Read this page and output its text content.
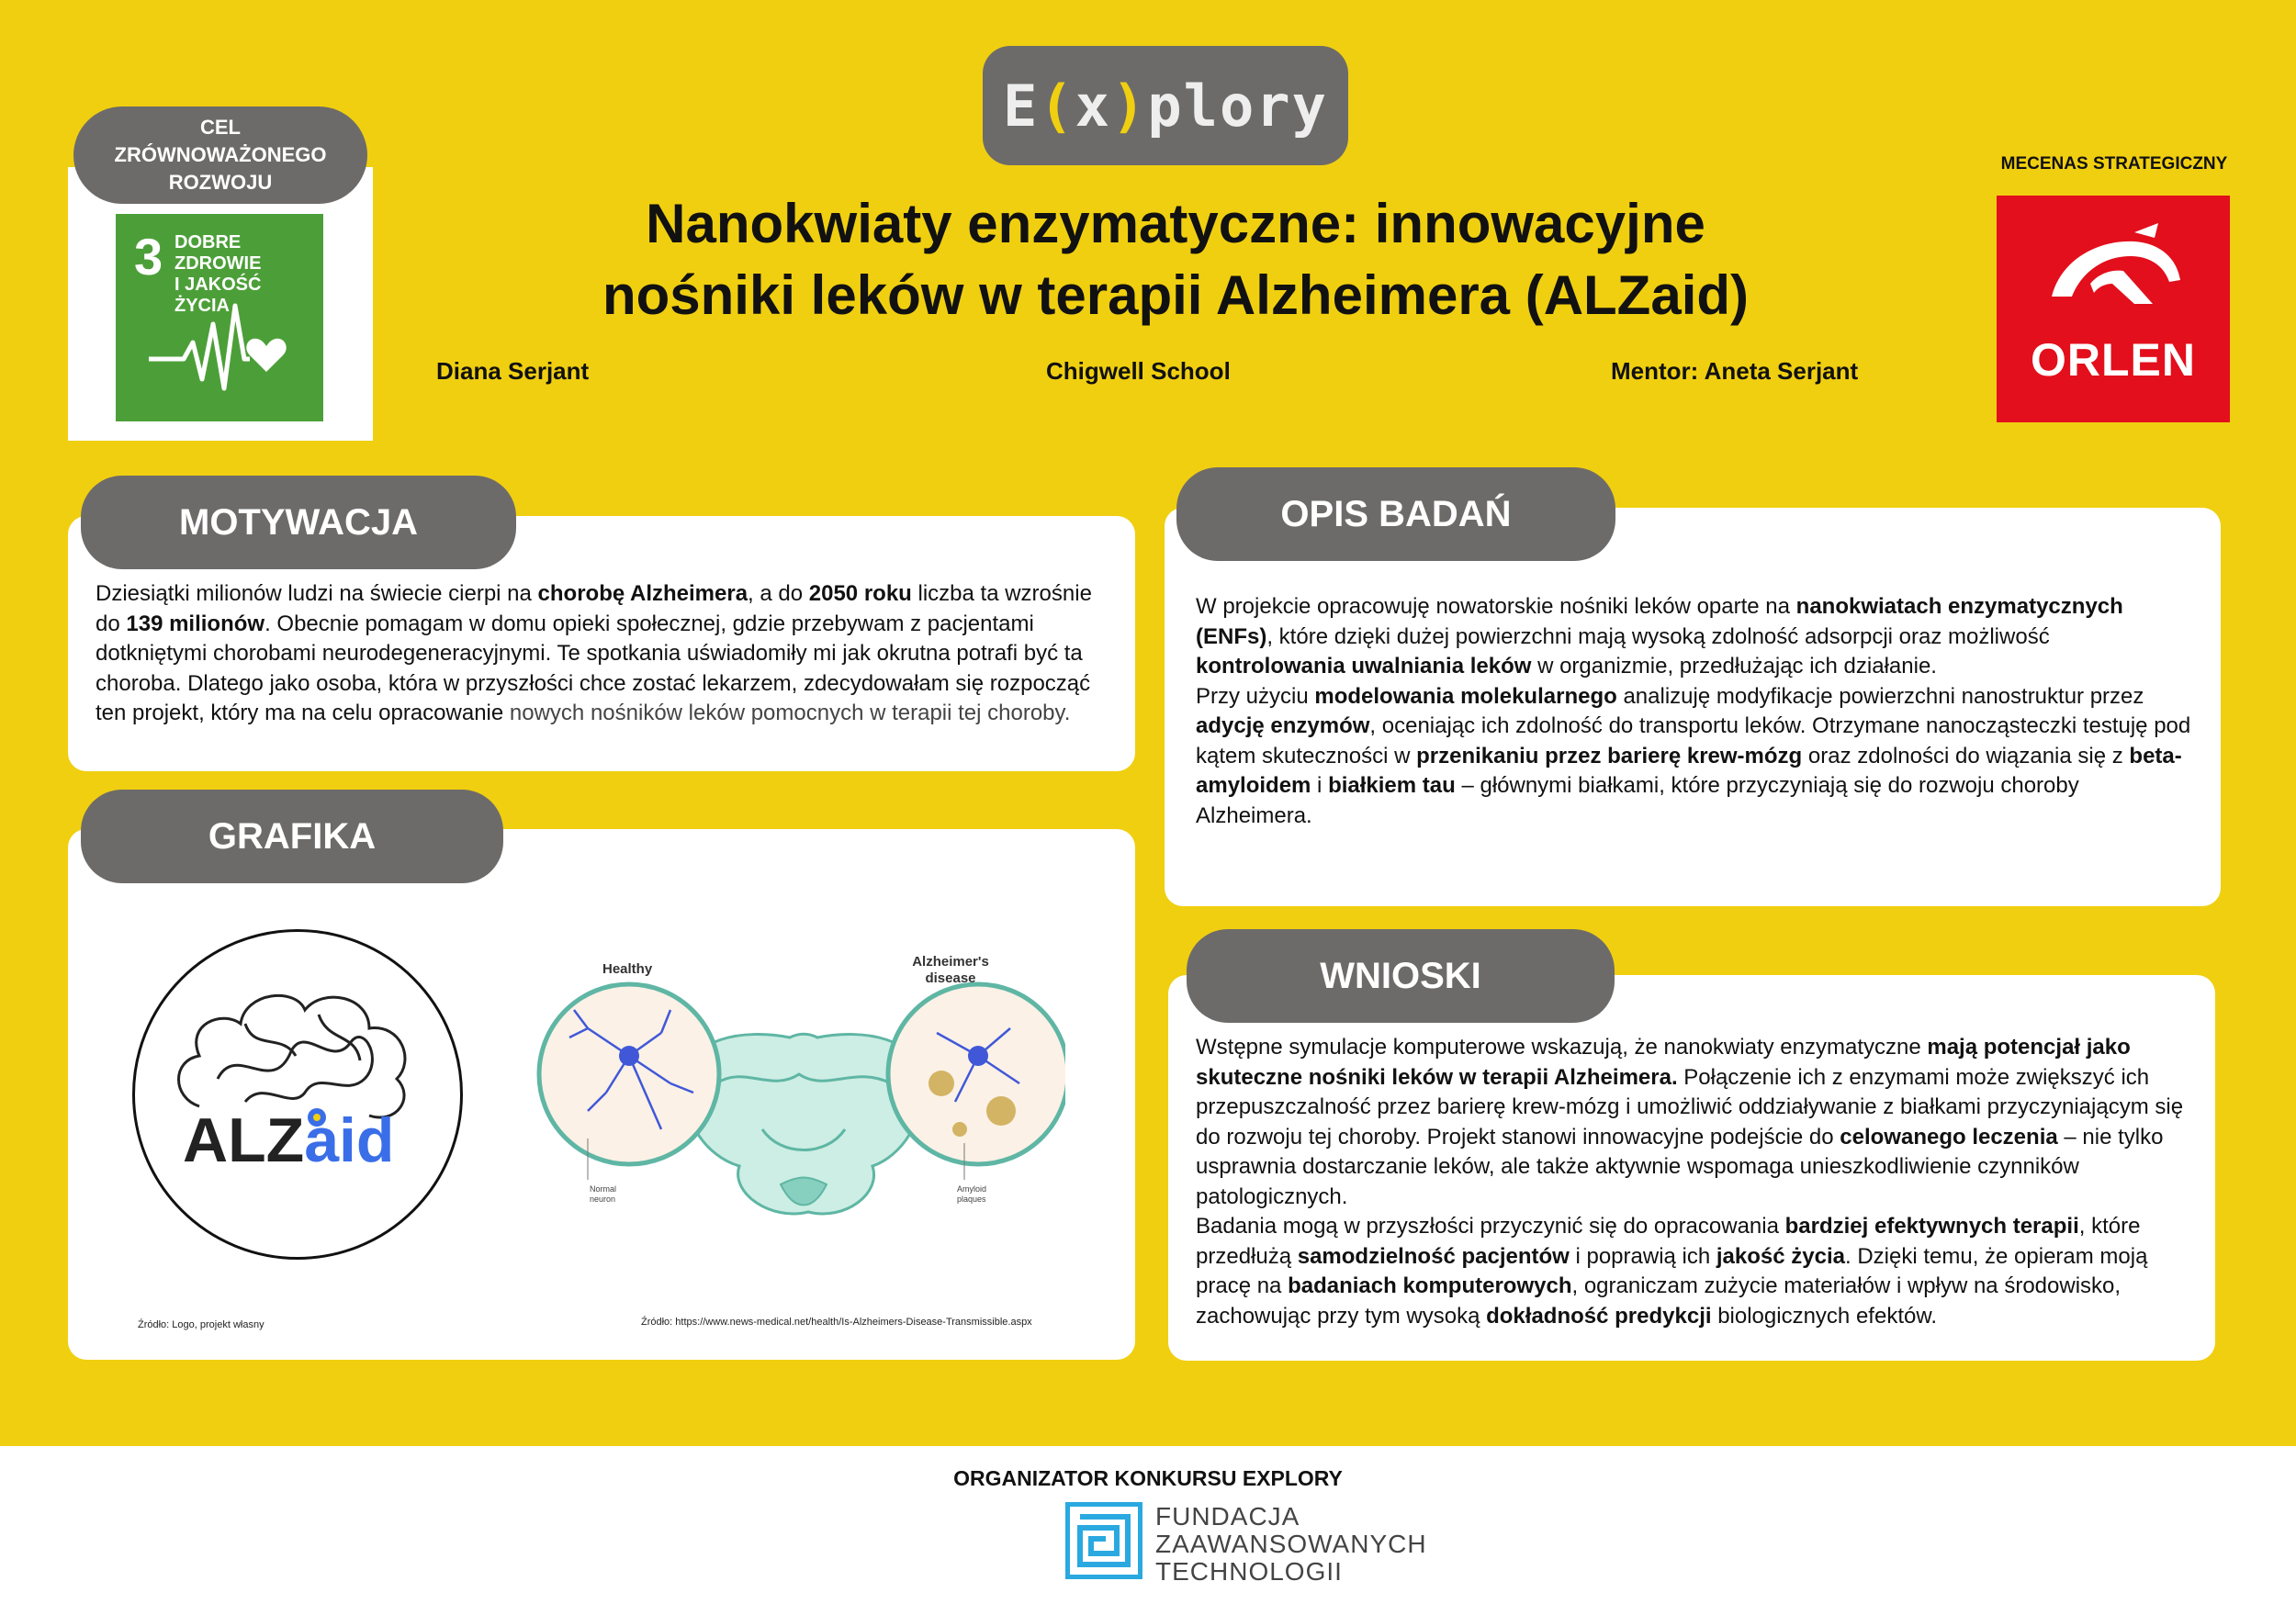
E ( x ) plory
CEL
ZRÓWNOWAŻONEGO
ROZWOJU
3 DOBRE ZDROWIE
I JAKOŚĆ ŻYCIA
Nanokwiaty enzymatyczne: innowacyjne
nośniki leków w terapii Alzheimera (ALZaid)
Diana Serjant	Chigwell School	Mentor: Aneta Serjant
MECENAS STRATEGICZNY
ORLEN
MOTYWACJA
Dziesiątki milionów ludzi na świecie cierpi na chorobę Alzheimera, a do 2050 roku liczba ta wzrośnie do 139 milionów. Obecnie pomagam w domu opieki społecznej, gdzie przebywam z pacjentami dotkniętymi chorobami neurodegeneracyjnymi. Te spotkania uświadomiły mi jak okrutna potrafi być ta choroba. Dlatego jako osoba, która w przyszłości chce zostać lekarzem, zdecydowałam się rozpocząć ten projekt, który ma na celu opracowanie nowych nośników leków pomocnych w terapii tej choroby.
GRAFIKA
ALZaid
Źródło: Logo, projekt własny
Healthy	Alzheimer's disease
Normal neuron
Amyloid plaques
Źródło: https://www.news-medical.net/health/Is-Alzheimers-Disease-Transmissible.aspx
OPIS BADAŃ
W projekcie opracowuję nowatorskie nośniki leków oparte na nanokwiatach enzymatycznych (ENFs), które dzięki dużej powierzchni mają wysoką zdolność adsorpcji oraz możliwość kontrolowania uwalniania leków w organizmie, przedłużając ich działanie.
Przy użyciu modelowania molekularnego analizuję modyfikacje powierzchni nanostruktur przez adycję enzymów, oceniając ich zdolność do transportu leków. Otrzymane nanocząsteczki testuję pod kątem skuteczności w przenikaniu przez barierę krew-mózg oraz zdolności do wiązania się z beta-amyloidem i białkiem tau – głównymi białkami, które przyczyniają się do rozwoju choroby Alzheimera.
WNIOSKI
Wstępne symulacje komputerowe wskazują, że nanokwiaty enzymatyczne mają potencjał jako skuteczne nośniki leków w terapii Alzheimera. Połączenie ich z enzymami może zwiększyć ich przepuszczalność przez barierę krew-mózg i umożliwić oddziaływanie z białkami przyczyniającym się do rozwoju tej choroby. Projekt stanowi innowacyjne podejście do celowanego leczenia – nie tylko usprawnia dostarczanie leków, ale także aktywnie wspomaga unieszkodliwienie czynników patologicznych.
Badania mogą w przyszłości przyczynić się do opracowania bardziej efektywnych terapii, które przedłużą samodzielność pacjentów i poprawią ich jakość życia. Dzięki temu, że opieram moją pracę na badaniach komputerowych, ograniczam zużycie materiałów i wpływ na środowisko, zachowując przy tym wysoką dokładność predykcji biologicznych efektów.
ORGANIZATOR KONKURSU EXPLORY
FUNDACJA
ZAAWANSOWANYCH
TECHNOLOGII
